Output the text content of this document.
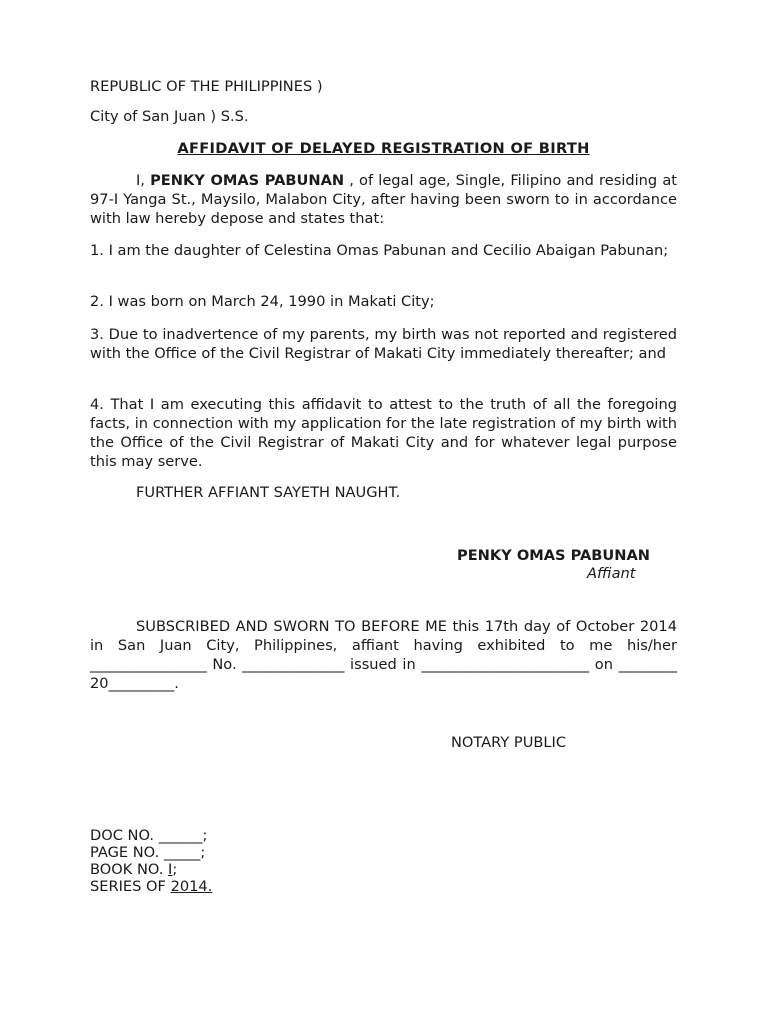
REPUBLIC OF THE PHILIPPINES )
City of San Juan ) S.S.
AFFIDAVIT OF DELAYED REGISTRATION OF BIRTH
I, PENKY OMAS PABUNAN , of legal age, Single, Filipino and residing at 97-I Yanga St., Maysilo, Malabon City, after having been sworn to in accordance with law hereby depose and states that:
1. I am the daughter of Celestina Omas Pabunan and Cecilio Abaigan Pabunan;
2. I was born on March 24, 1990 in Makati City;
3. Due to inadvertence of my parents, my birth was not reported and registered with the Office of the Civil Registrar of Makati City immediately thereafter; and
4. That I am executing this affidavit to attest to the truth of all the foregoing facts, in connection with my application for the late registration of my birth with the Office of the Civil Registrar of Makati City and for whatever legal purpose this may serve.
FURTHER AFFIANT SAYETH NAUGHT.
PENKY OMAS PABUNAN
Affiant
SUBSCRIBED AND SWORN TO BEFORE ME this 17th day of October 2014 in San Juan City, Philippines, affiant having exhibited to me his/her ________________ No. ______________ issued in _______________________ on ________ 20_________.
NOTARY PUBLIC
DOC NO. ______;
PAGE NO. _____;
BOOK NO. I;
SERIES OF 2014.
